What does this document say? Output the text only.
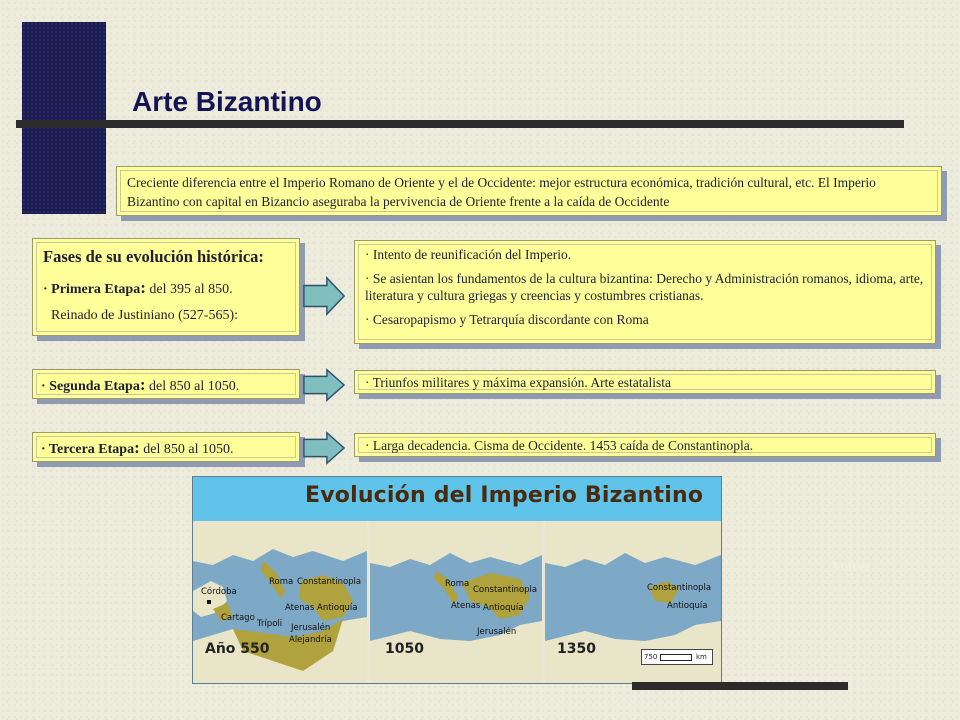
Arte Bizantino
Creciente diferencia entre el Imperio Romano de Oriente y el de Occidente: mejor estructura económica, tradición cultural, etc. El Imperio Bizantino con capital en Bizancio aseguraba la pervivencia de Oriente frente a la caída de Occidente
Fases de su evolución histórica:
· Primera Etapa: del 395 al 850.
Reinado de Justiniano (527-565):
· Segunda Etapa: del 850 al 1050.
· Tercera Etapa: del 850 al 1050.

· Intento de reunificación del Imperio.

· Se asientan los fundamentos de la cultura bizantina: Derecho y Administración romanos, idioma, arte, literatura y cultura griegas y creencias y costumbres cristianas.

· Cesaropapismo y Tetrarquía discordante con Roma

· Triunfos militares y máxima expansión. Arte estatalista
· Larga decadencia. Cisma de Occidente. 1453 caída de Constantinopla.
Evolución del Imperio Bizantino
Córdoba
Roma Constantinopla
Atenas Antioquía
Cartago
Trípoli Jerusalén
Alejandría
Año 550
Roma
Constantinopla
Atenas Antioquía
Jerusalén
1050
Constantinopla
Antioquía
1350	750	km
Volver
